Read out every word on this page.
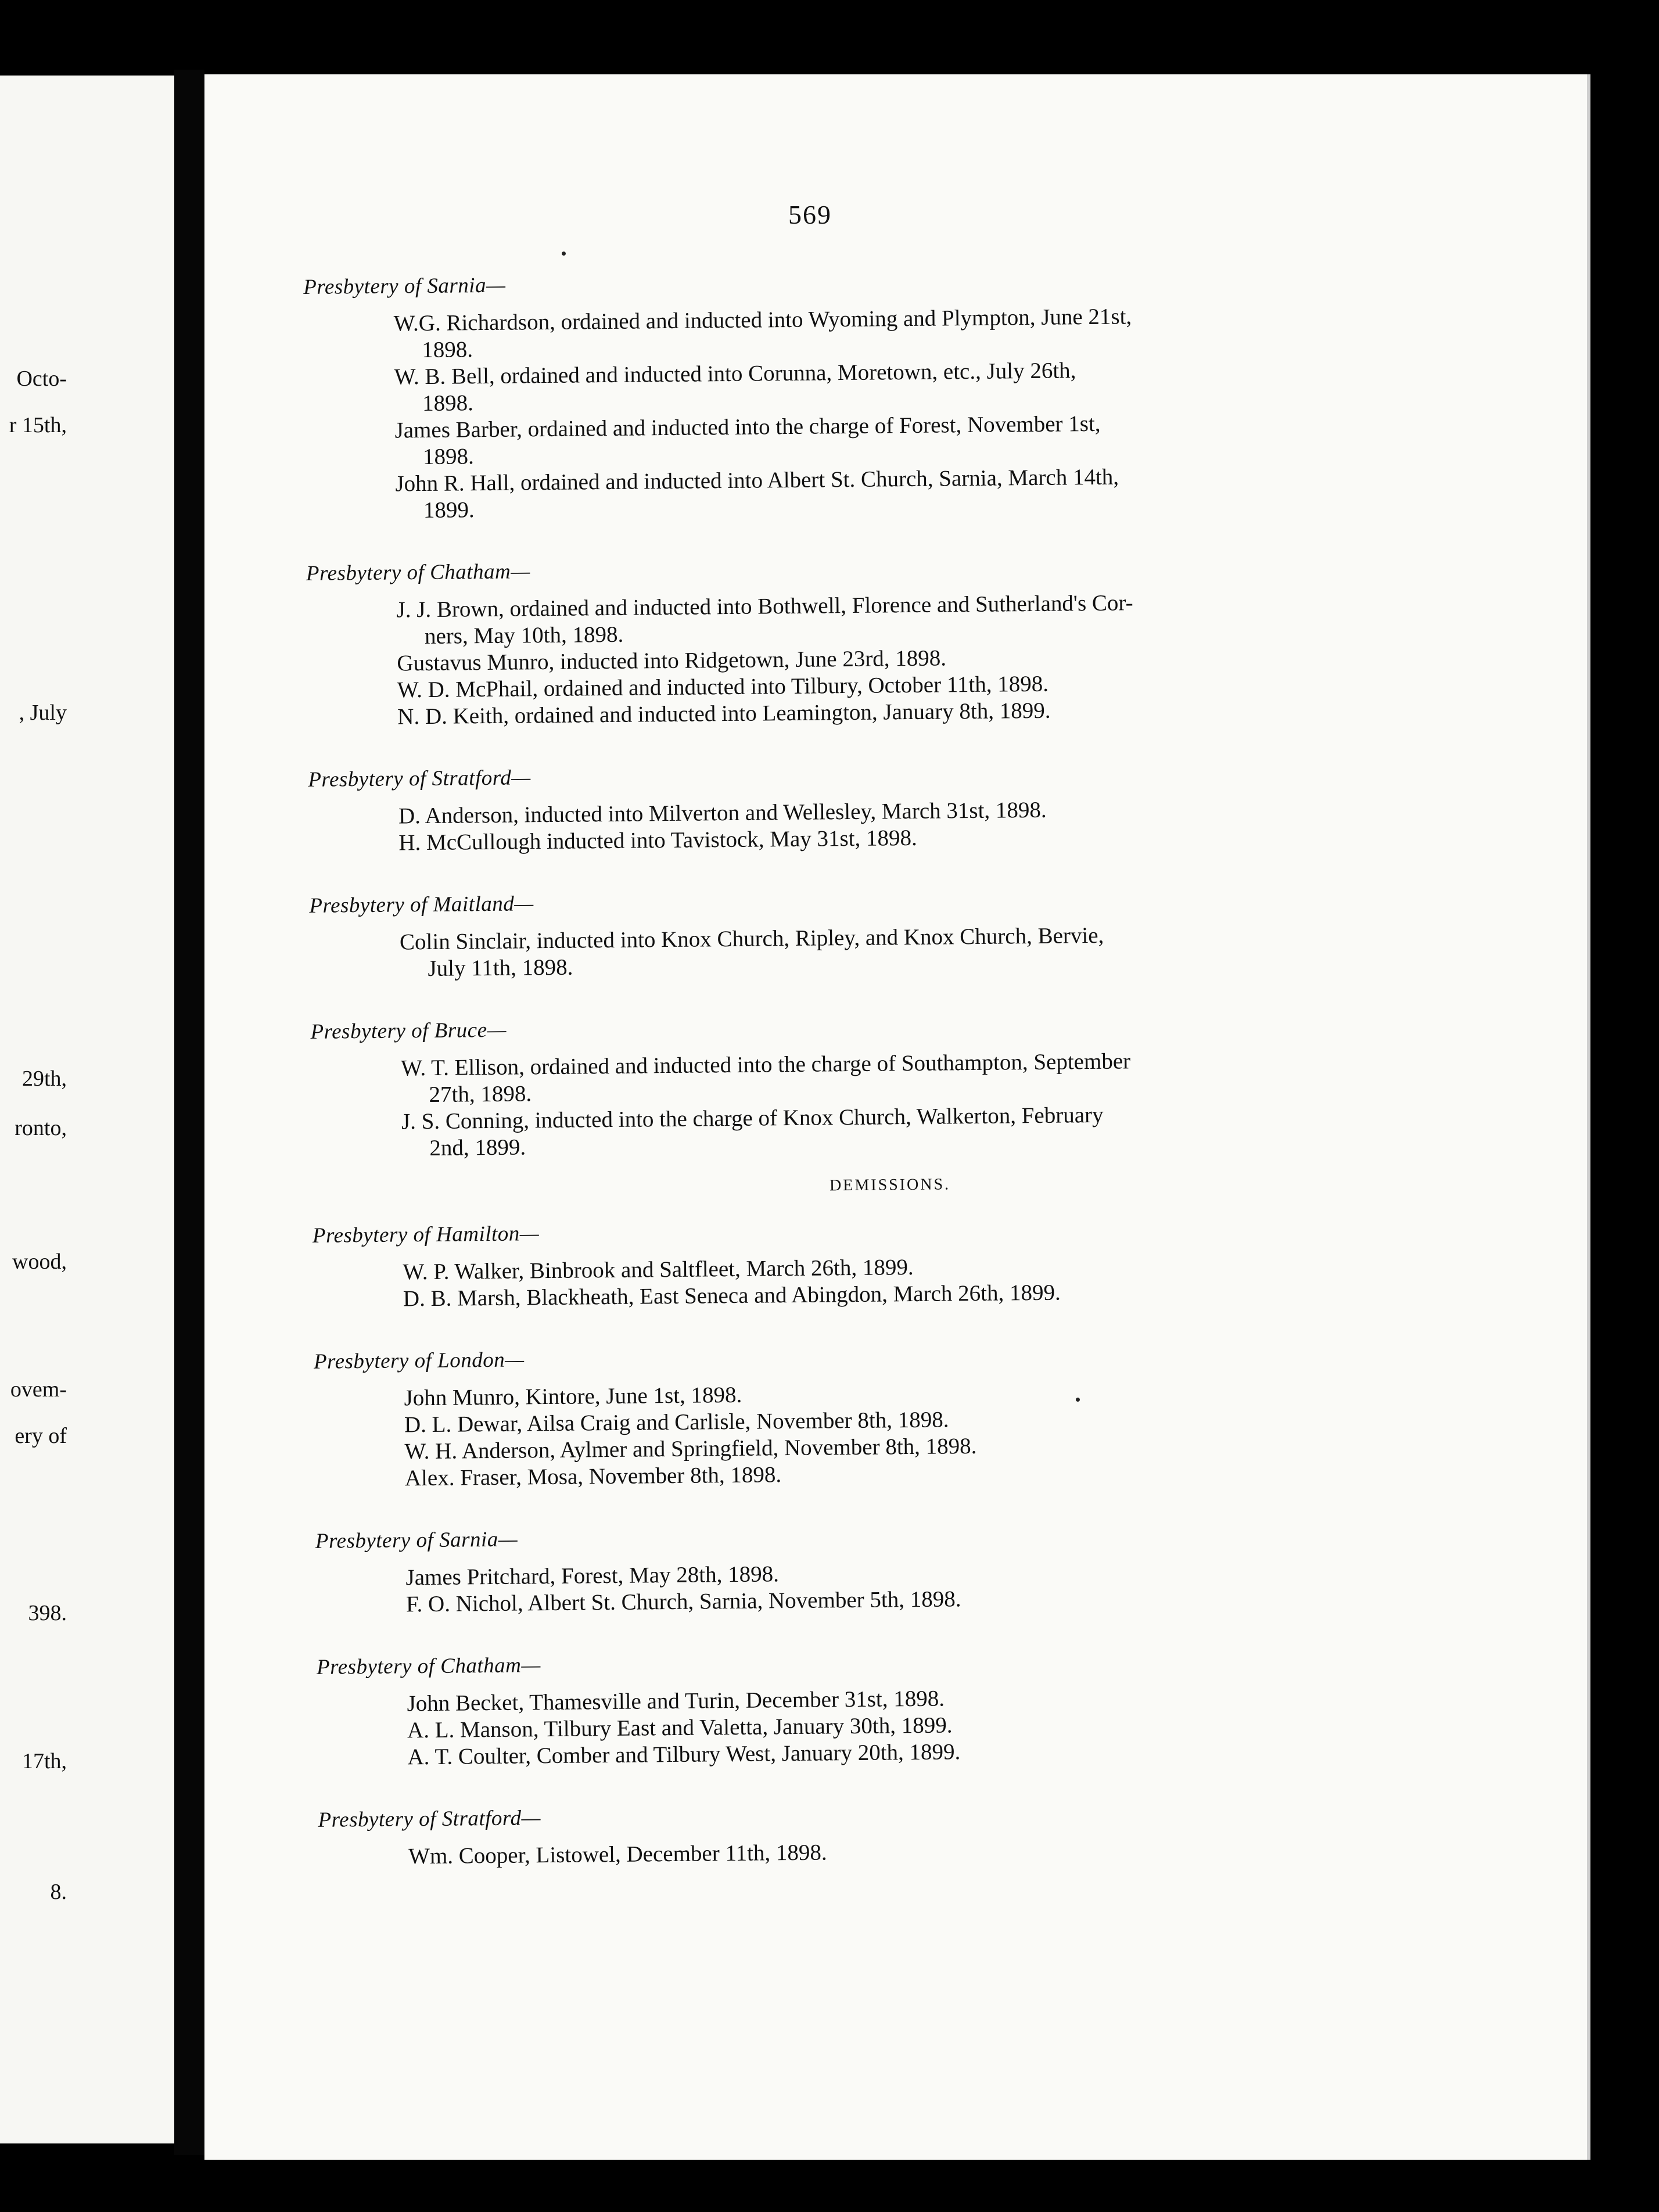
Octo-
r 15th,
, July
29th,
ronto,
wood,
ovem-
ery of
398.
17th,
8.
569
Presbytery of Sarnia—

W.G. Richardson, ordained and inducted into Wyoming and Plympton, June 21st,
1898.

W. B. Bell, ordained and inducted into Corunna, Moretown, etc., July 26th,
1898.

James Barber, ordained and inducted into the charge of Forest, November 1st,
1898.

John R. Hall, ordained and inducted into Albert St. Church, Sarnia, March 14th,
1899.

Presbytery of Chatham—

J. J. Brown, ordained and inducted into Bothwell, Florence and Sutherland's Cor-
ners, May 10th, 1898.

Gustavus Munro, inducted into Ridgetown, June 23rd, 1898.

W. D. McPhail, ordained and inducted into Tilbury, October 11th, 1898.

N. D. Keith, ordained and inducted into Leamington, January 8th, 1899.

Presbytery of Stratford—

D. Anderson, inducted into Milverton and Wellesley, March 31st, 1898.

H. McCullough inducted into Tavistock, May 31st, 1898.

Presbytery of Maitland—

Colin Sinclair, inducted into Knox Church, Ripley, and Knox Church, Bervie,
July 11th, 1898.

Presbytery of Bruce—

W. T. Ellison, ordained and inducted into the charge of Southampton, September
27th, 1898.

J. S. Conning, inducted into the charge of Knox Church, Walkerton, February
2nd, 1899.

DEMISSIONS.
Presbytery of Hamilton—

W. P. Walker, Binbrook and Saltfleet, March 26th, 1899.

D. B. Marsh, Blackheath, East Seneca and Abingdon, March 26th, 1899.

Presbytery of London—

John Munro, Kintore, June 1st, 1898.

D. L. Dewar, Ailsa Craig and Carlisle, November 8th, 1898.

W. H. Anderson, Aylmer and Springfield, November 8th, 1898.

Alex. Fraser, Mosa, November 8th, 1898.

Presbytery of Sarnia—

James Pritchard, Forest, May 28th, 1898.

F. O. Nichol, Albert St. Church, Sarnia, November 5th, 1898.

Presbytery of Chatham—

John Becket, Thamesville and Turin, December 31st, 1898.

A. L. Manson, Tilbury East and Valetta, January 30th, 1899.

A. T. Coulter, Comber and Tilbury West, January 20th, 1899.

Presbytery of Stratford—

Wm. Cooper, Listowel, December 11th, 1898.
